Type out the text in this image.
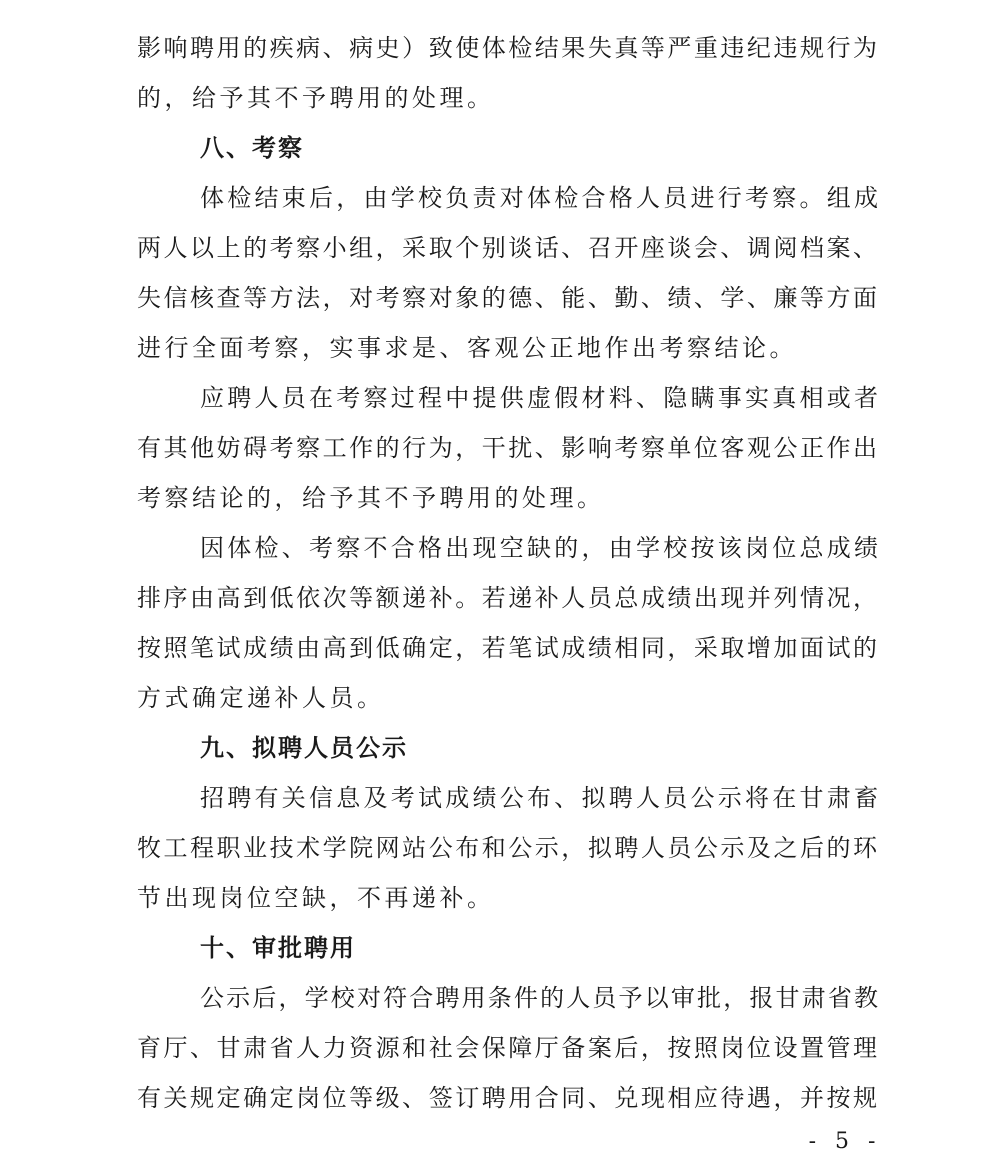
影响聘用的疾病、病史）致使体检结果失真等严重违纪违规行为
的，给予其不予聘用的处理。
八、考察
体检结束后，由学校负责对体检合格人员进行考察。组成
两人以上的考察小组，采取个别谈话、召开座谈会、调阅档案、
失信核查等方法，对考察对象的德、能、勤、绩、学、廉等方面
进行全面考察，实事求是、客观公正地作出考察结论。
应聘人员在考察过程中提供虚假材料、隐瞒事实真相或者
有其他妨碍考察工作的行为，干扰、影响考察单位客观公正作出
考察结论的，给予其不予聘用的处理。
因体检、考察不合格出现空缺的，由学校按该岗位总成绩
排序由高到低依次等额递补。若递补人员总成绩出现并列情况，
按照笔试成绩由高到低确定，若笔试成绩相同，采取增加面试的
方式确定递补人员。
九、拟聘人员公示
招聘有关信息及考试成绩公布、拟聘人员公示将在甘肃畜
牧工程职业技术学院网站公布和公示，拟聘人员公示及之后的环
节出现岗位空缺，不再递补。
十、审批聘用
公示后，学校对符合聘用条件的人员予以审批，报甘肃省教
育厅、甘肃省人力资源和社会保障厅备案后，按照岗位设置管理
有关规定确定岗位等级、签订聘用合同、兑现相应待遇，并按规
- 5 -
